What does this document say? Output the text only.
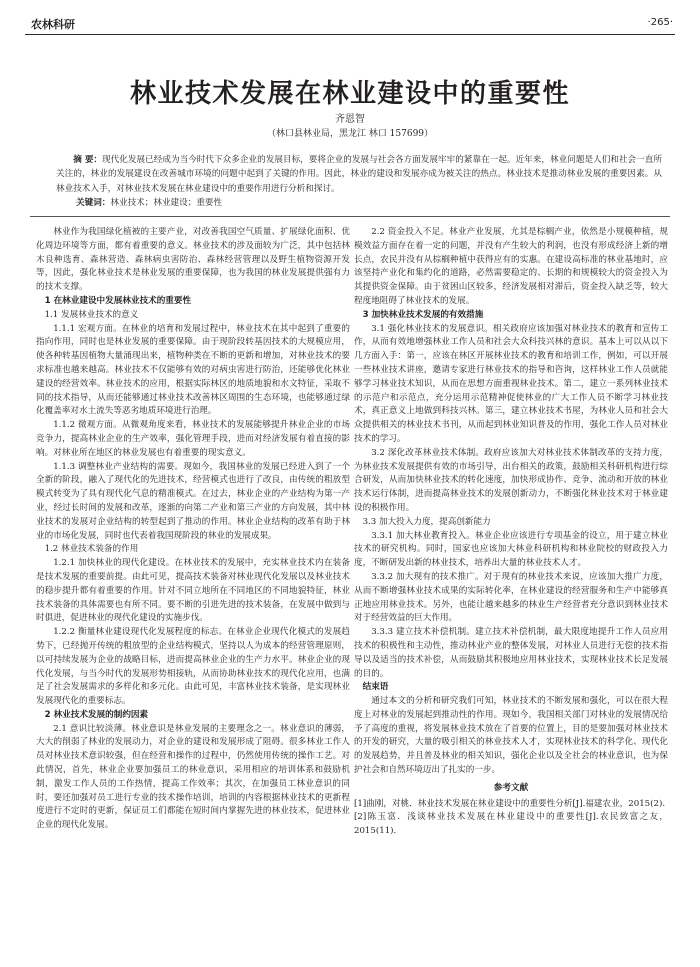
农林科研	·265·
林业技术发展在林业建设中的重要性
齐恩智
（林口县林业局，黑龙江 林口 157699）
摘 要：现代化发展已经成为当今时代下众多企业的发展目标，要将企业的发展与社会各方面发展牢牢的紧靠在一起。近年来，林业问题是人们和社会一直所关注的，林业的发展建设在改善城市环境的问题中起到了关键的作用。因此，林业的建设和发展亦成为被关注的热点。林业技术是推动林业发展的重要因素。从林业技术入手，对林业技术发展在林业建设中的重要作用进行分析和探讨。
关键词：林业技术；林业建设；重要性

林业作为我国绿化植被的主要产业，对改善我国空气质量、扩展绿化面积、优化周边环境等方面，都有着重要的意义。林业技术的涉及面较为广泛，其中包括林木良种选育、森林营造、森林病虫害防治、森林经营管理以及野生植物资源开发等，因此，强化林业技术是林业发展的重要保障，也为我国的林业发展提供强有力的技术支撑。

1 在林业建设中发展林业技术的重要性

1.1 发展林业技术的意义

1.1.1 宏观方面。在林业的培育和发展过程中，林业技术在其中起到了重要的指向作用，同时也是林业发展的重要保障。由于现阶段转基因技术的大规模应用，使各种转基因植物大量涌现出来，植物种类在不断的更新和增加，对林业技术的要求标准也越来越高。林业技术不仅能够有效的对病虫害进行防治，还能够优化林业建设的经营效率。林业技术的应用，根据实际林区的地质地貌和水文特征，采取不同的技术指导，从而还能够通过林业技术改善林区周围的生态环境，也能够通过绿化覆盖率对水土流失等恶劣地质环境进行治理。

1.1.2 微观方面。从微观角度来看，林业技术的发展能够提升林业企业的市场竞争力，提高林业企业的生产效率，强化管理手段，进而对经济发展有着直接的影响。对林业所在地区的林业发展也有着重要的现实意义。

1.1.3 调整林业产业结构的需要。现如今，我国林业的发展已经进入到了一个全新的阶段，融入了现代化的先进技术，经营模式也进行了改良，由传统的粗放型模式转变为了具有现代化气息的精准模式。在过去，林业企业的产业结构为第一产业，经过长时间的发展和改革，逐渐的向第二产业和第三产业的方向发展，其中林业技术的发展对企业结构的转型起到了推动的作用。林业企业结构的改革有助于林业的市场化发展，同时也代表着我国现阶段的林业的发展成果。

1.2 林业技术装备的作用

1.2.1 加快林业的现代化建设。在林业技术的发展中，充实林业技术内在装备是技术发展的重要前提。由此可见，提高技术装备对林业现代化发展以及林业技术的稳步提升都有着重要的作用。针对不同立地所在不同地区的不同地貌特征，林业技术装备的具体需要也有所不同。要不断的引进先进的技术装备，在发展中做到与时俱进，促进林业的现代化建设的实施步伐。

1.2.2 衡量林业建设现代化发展程度的标志。在林业企业现代化模式的发展趋势下，已经抛开传统的粗放型的企业结构模式，坚持以人为成本的经营管理原则，以可持续发展为企业的战略目标，进而提高林业企业的生产力水平。林业企业的现代化发展，与当今时代的发展形势相接轨，从而协助林业技术的现代化应用，也满足了社会发展需求的多样化和多元化。由此可见，丰富林业技术装备，是实现林业发展现代化的重要标志。

2 林业技术发展的制约因素

2.1 意识比较淡薄。林业意识是林业发展的主要理念之一。林业意识的薄弱，大大的削弱了林业的发展动力，对企业的建设和发展形成了阻碍。很多林业工作人员对林业技术意识较强，但在经营和操作的过程中，仍然使用传统的操作工艺。对此情况，首先，林业企业要加强员工的林业意识，采用相应的培训体系和鼓励机制，激发工作人员的工作热情，提高工作效率；其次，在加强员工林业意识的同时，要还加强对员工进行专业的技术操作培训，培训的内容根据林业技术的更新程度进行不定时的更新，保证员工们都能在短时间内掌握先进的林业技术，促进林业企业的现代化发展。

2.2 资金投入不足。林业产业发展，尤其是棕榈产业，依然是小规模种植，规模效益方面存在着一定的问题，并没有产生较大的利润，也没有形成经济上新的增长点，农民并没有从棕榈种植中获得应有的实惠。在建设高标准的林业基地时，应该坚持产业化和集约化的道路，必然需要稳定的、长期的和规模较大的资金投入为其提供资金保障。由于贫困山区较多，经济发展相对滞后，资金投入缺乏等，较大程度地阻碍了林业技术的发展。

3 加快林业技术发展的有效措施

3.1 强化林业技术的发展意识。相关政府应该加强对林业技术的教育和宣传工作，从而有效地增强林业工作人员和社会大众科技兴林的意识。基本上可以从以下几方面入手：第一，应该在林区开展林业技术的教育和培训工作，例如，可以开展一些林业技术讲座，邀请专家进行林业技术的指导和咨询，这样林业工作人员就能够学习林业技术知识，从而在思想方面重视林业技术。第二，建立一系列林业技术的示范户和示范点，充分运用示范精神促使林业的广大工作人员不断学习林业技术，真正意义上地做到科技兴林。第三，建立林业技术书屋，为林业人员和社会大众提供相关的林业技术书刊，从而起到林业知识普及的作用，强化工作人员对林业技术的学习。

3.2 深化改革林业技术体制。政府应该加大对林业技术体制改革的支持力度，为林业技术发展提供有效的市场引导，出台相关的政策，鼓励相关科研机构进行综合研发，从而加快林业技术的转化速度，加快形成协作、竞争、流动和开放的林业技术运行体制，进而提高林业技术的发展创新动力，不断强化林业技术对于林业建设的积极作用。

3.3 加大投入力度，提高创新能力

3.3.1 加大林业教育投入。林业企业应该进行专项基金的设立，用于建立林业技术的研究机构。同时，国家也应该加大林业科研机构和林业院校的财政投入力度，不断研发出新的林业技术，培养出大量的林业技术人才。

3.3.2 加大现有的技术推广。对于现有的林业技术来说，应该加大推广力度，从而不断增强林业技术成果的实际转化率，在林业建设的经营服务和生产中能够真正地应用林业技术。另外，也能让越来越多的林业生产经营者充分意识到林业技术对于经营效益的巨大作用。

3.3.3 建立技术补偿机制。建立技术补偿机制，最大限度地提升工作人员应用技术的积极性和主动性，推动林业产业的整体发展，对林业人员进行无偿的技术指导以及适当的技术补偿，从而鼓励其积极地应用林业技术，实现林业技术长足发展的目的。

结束语

通过本文的分析和研究我们可知，林业技术的不断发展和强化，可以在很大程度上对林业的发展起到推动性的作用。现如今，我国相关部门对林业的发展情况给予了高度的重视，将发展林业技术放在了首要的位置上，目的是要加强对林业技术的开发的研究，大量的吸引相关的林业技术人才，实现林业技术的科学化、现代化的发展趋势，并且普及林业的相关知识，强化企业以及全社会的林业意识，也为保护社会和自然环境迈出了扎实的一步。

参考文献

[1]曲刚，对桃．林业技术发展在林业建设中的重要性分析[J].福建农业，2015(2).

[2]陈玉富．浅谈林业技术发展在林业建设中的重要性[J].农民致富之友，2015(11).
